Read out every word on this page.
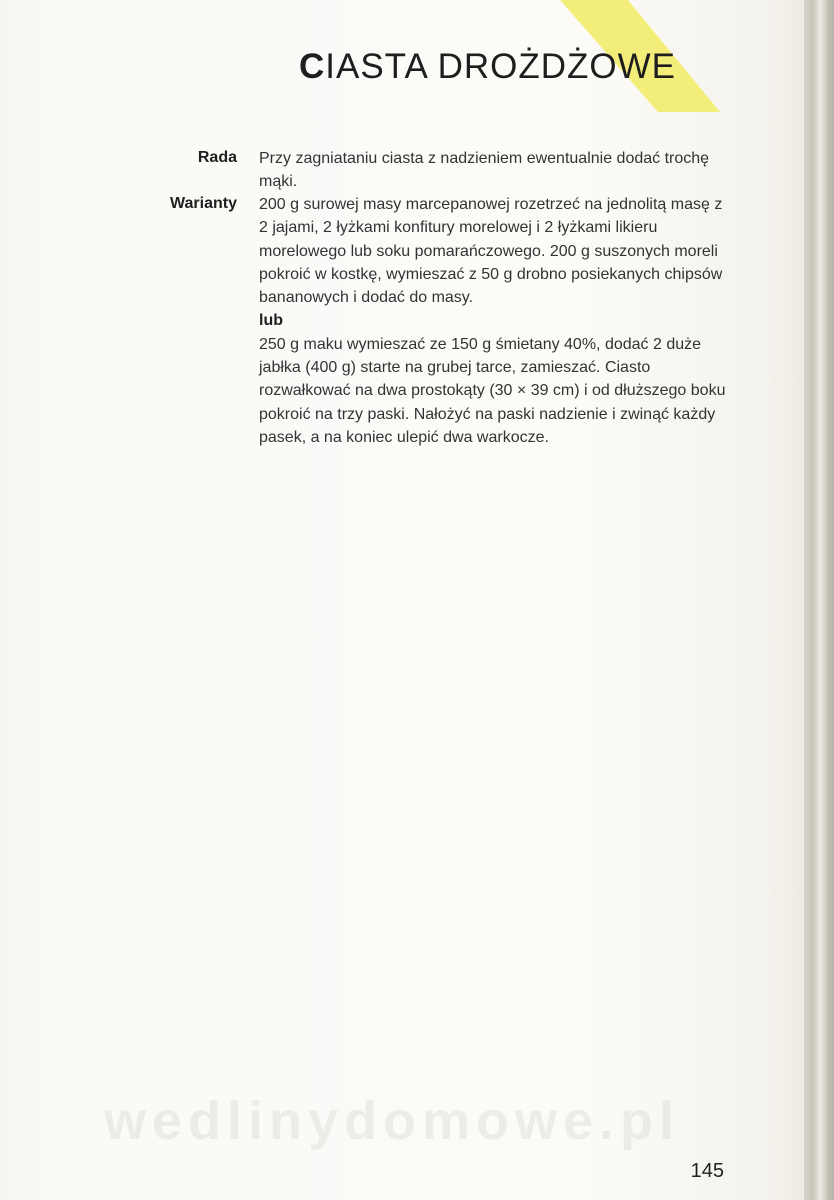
CIASTA DROŻDŻOWE
Rada Przy zagniataniu ciasta z nadzieniem ewentualnie dodać trochę mąki.

Warianty 200 g surowej masy marcepanowej rozetrzeć na jednolitą masę z 2 jajami, 2 łyżkami konfitury morelowej i 2 łyżkami likieru morelowego lub soku pomarańczowego. 200 g suszonych moreli pokroić w kostkę, wymieszać z 50 g drobno posiekanych chipsów bananowych i dodać do masy.

lub

250 g maku wymieszać ze 150 g śmietany 40%, dodać 2 duże jabłka (400 g) starte na grubej tarce, zamieszać. Ciasto rozwałkować na dwa prostokąty (30 × 39 cm) i od dłuższego boku pokroić na trzy paski. Nałożyć na paski nadzienie i zwinąć każdy pasek, a na koniec ulepić dwa warkocze.

wedlinydomowe.pl
145
